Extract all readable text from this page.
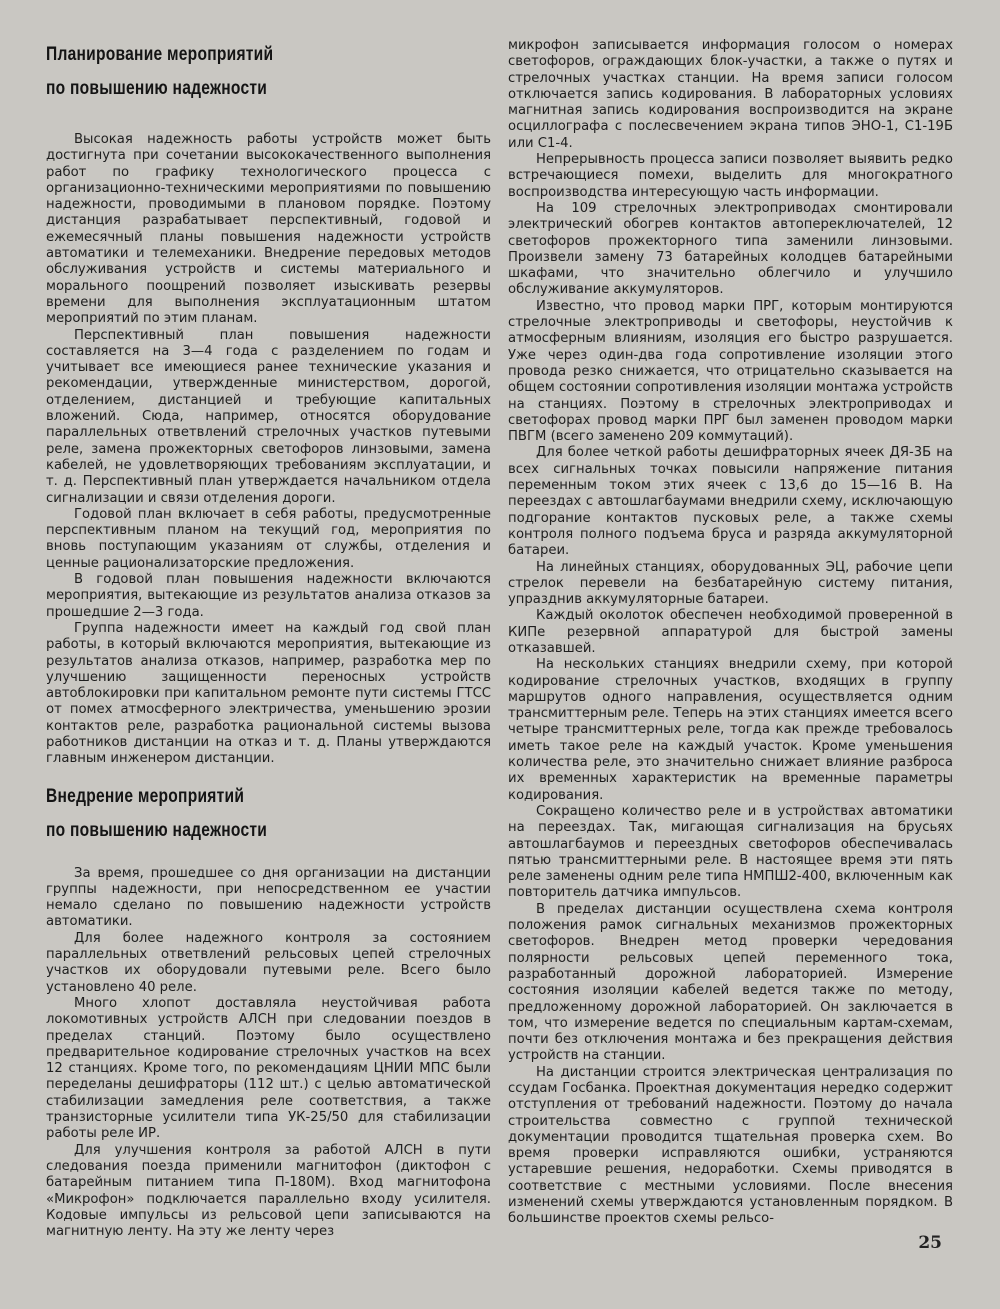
Планирование мероприятий
по повышению надежности

Высокая надежность работы устройств может быть достигнута при сочетании высококачественного выполнения работ по графику технологического процесса с организационно-техническими мероприятиями по повышению надежности, проводимыми в плановом порядке. Поэтому дистанция разрабатывает перспективный, годовой и ежемесячный планы повышения надежности устройств автоматики и телемеханики. Внедрение передовых методов обслуживания устройств и системы материального и морального поощрений позволяет изыскивать резервы времени для выполнения эксплуатационным штатом мероприятий по этим планам.

Перспективный план повышения надежности составляется на 3—4 года с разделением по годам и учитывает все имеющиеся ранее технические указания и рекомендации, утвержденные министерством, дорогой, отделением, дистанцией и требующие капитальных вложений. Сюда, например, относятся оборудование параллельных ответвлений стрелочных участков путевыми реле, замена прожекторных светофоров линзовыми, замена кабелей, не удовлетворяющих требованиям эксплуатации, и т. д. Перспективный план утверждается начальником отдела сигнализации и связи отделения дороги.

Годовой план включает в себя работы, предусмотренные перспективным планом на текущий год, мероприятия по вновь поступающим указаниям от службы, отделения и ценные рационализаторские предложения.

В годовой план повышения надежности включаются мероприятия, вытекающие из результатов анализа отказов за прошедшие 2—3 года.

Группа надежности имеет на каждый год свой план работы, в который включаются мероприятия, вытекающие из результатов анализа отказов, например, разработка мер по улучшению защищенности переносных устройств автоблокировки при капитальном ремонте пути системы ГТСС от помех атмосферного электричества, уменьшению эрозии контактов реле, разработка рациональной системы вызова работников дистанции на отказ и т. д. Планы утверждаются главным инженером дистанции.

Внедрение мероприятий
по повышению надежности

За время, прошедшее со дня организации на дистанции группы надежности, при непосредственном ее участии немало сделано по повышению надежности устройств автоматики.

Для более надежного контроля за состоянием параллельных ответвлений рельсовых цепей стрелочных участков их оборудовали путевыми реле. Всего было установлено 40 реле.

Много хлопот доставляла неустойчивая работа локомотивных устройств АЛСН при следовании поездов в пределах станций. Поэтому было осуществлено предварительное кодирование стрелочных участков на всех 12 станциях. Кроме того, по рекомендациям ЦНИИ МПС были переделаны дешифраторы (112 шт.) с целью автоматической стабилизации замедления реле соответствия, а также транзисторные усилители типа УК-25/50 для стабилизации работы реле ИР.

Для улучшения контроля за работой АЛСН в пути следования поезда применили магнитофон (диктофон с батарейным питанием типа П-180М). Вход магнитофона «Микрофон» подключается параллельно входу усилителя. Кодовые импульсы из рельсовой цепи записываются на магнитную ленту. На эту же ленту через

микрофон записывается информация голосом о номерах светофоров, ограждающих блок-участки, а также о путях и стрелочных участках станции. На время записи голосом отключается запись кодирования. В лабораторных условиях магнитная запись кодирования воспроизводится на экране осциллографа с послесвечением экрана типов ЭНО-1, С1-19Б или С1-4.

Непрерывность процесса записи позволяет выявить редко встречающиеся помехи, выделить для многократного воспроизводства интересующую часть информации.

На 109 стрелочных электроприводах смонтировали электрический обогрев контактов автопереключателей, 12 светофоров прожекторного типа заменили линзовыми. Произвели замену 73 батарейных колодцев батарейными шкафами, что значительно облегчило и улучшило обслуживание аккумуляторов.

Известно, что провод марки ПРГ, которым монтируются стрелочные электроприводы и светофоры, неустойчив к атмосферным влияниям, изоляция его быстро разрушается. Уже через один-два года сопротивление изоляции этого провода резко снижается, что отрицательно сказывается на общем состоянии сопротивления изоляции монтажа устройств на станциях. Поэтому в стрелочных электроприводах и светофорах провод марки ПРГ был заменен проводом марки ПВГМ (всего заменено 209 коммутаций).

Для более четкой работы дешифраторных ячеек ДЯ-3Б на всех сигнальных точках повысили напряжение питания переменным током этих ячеек с 13,6 до 15—16 В. На переездах с автошлагбаумами внедрили схему, исключающую подгорание контактов пусковых реле, а также схемы контроля полного подъема бруса и разряда аккумуляторной батареи.

На линейных станциях, оборудованных ЭЦ, рабочие цепи стрелок перевели на безбатарейную систему питания, упразднив аккумуляторные батареи.

Каждый околоток обеспечен необходимой проверенной в КИПе резервной аппаратурой для быстрой замены отказавшей.

На нескольких станциях внедрили схему, при которой кодирование стрелочных участков, входящих в группу маршрутов одного направления, осуществляется одним трансмиттерным реле. Теперь на этих станциях имеется всего четыре трансмиттерных реле, тогда как прежде требовалось иметь такое реле на каждый участок. Кроме уменьшения количества реле, это значительно снижает влияние разброса их временных характеристик на временные параметры кодирования.

Сокращено количество реле и в устройствах автоматики на переездах. Так, мигающая сигнализация на брусьях автошлагбаумов и переездных светофоров обеспечивалась пятью трансмиттерными реле. В настоящее время эти пять реле заменены одним реле типа НМПШ2-400, включенным как повторитель датчика импульсов.

В пределах дистанции осуществлена схема контроля положения рамок сигнальных механизмов прожекторных светофоров. Внедрен метод проверки чередования полярности рельсовых цепей переменного тока, разработанный дорожной лабораторией. Измерение состояния изоляции кабелей ведется также по методу, предложенному дорожной лабораторией. Он заключается в том, что измерение ведется по специальным картам-схемам, почти без отключения монтажа и без прекращения действия устройств на станции.

На дистанции строится электрическая централизация по ссудам Госбанка. Проектная документация нередко содержит отступления от требований надежности. Поэтому до начала строительства совместно с группой технической документации проводится тщательная проверка схем. Во время проверки исправляются ошибки, устраняются устаревшие решения, недоработки. Схемы приводятся в соответствие с местными условиями. После внесения изменений схемы утверждаются установленным порядком. В большинстве проектов схемы рельсо-

25
